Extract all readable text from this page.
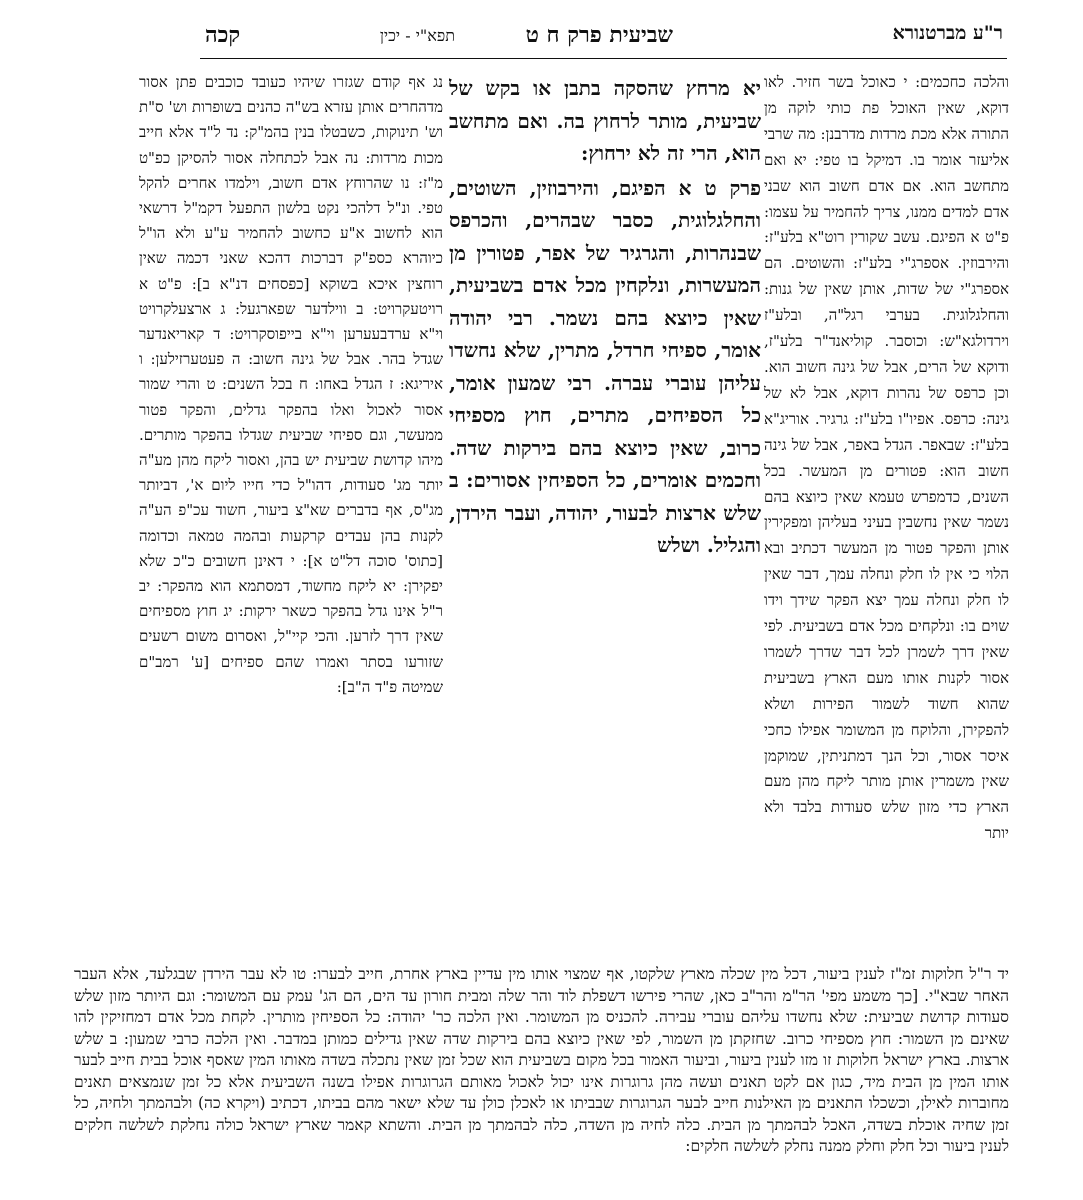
ר"ע מברטנורא
שביעית פרק ח ט
תפא"י - יכין
קכה

והלכה כחכמים: י כאוכל בשר חזיר. לאו דוקא, שאין האוכל פת כותי לוקה מן התורה אלא מכת מרדות מדרבנן: מה שרבי אליעזר אומר בו. דמיקל בו טפי: יא ואם מתחשב הוא. אם אדם חשוב הוא שבני אדם למדים ממנו, צריך להחמיר על עצמו: פ"ט א הפיגם. עשב שקורין רוט"א בלע"ז: והירבוזין. אספרג"י בלע"ז: והשוטים. הם אספרג"י של שדות, אותן שאין של גנות: והחלגלוגית. בערבי רגל"ה, ובלע"ז וירדולגא"ש: וכוסבר. קוליאנד"ר בלע"ז, ודוקא של הרים, אבל של גינה חשוב הוא. וכן כרפס של נהרות דוקא, אבל לא של גינה: כרפס. אפיו"ו בלע"ז: גרגיר. אוריג"א בלע"ז: שבאפר. הגדל באפר, אבל של גינה חשוב הוא: פטורים מן המעשר. בכל השנים, כדמפרש טעמא שאין כיוצא בהם נשמר שאין נחשבין בעיני בעליהן ומפקירין אותן והפקר פטור מן המעשר דכתיב ובא הלוי כי אין לו חלק ונחלה עמך, דבר שאין לו חלק ונחלה עמך יצא הפקר שידך וידו שוים בו: ונלקחים מכל אדם בשביעית. לפי שאין דרך לשמרן לכל דבר שדרך לשמרו אסור לקנות אותו מעם הארץ בשביעית שהוא חשוד לשמור הפירות ושלא להפקירן, והלוקח מן המשומר אפילו כחכי איסר אסור, וכל הנך דמתניתין, שמוקמן שאין משמרין אותן מותר ליקח מהן מעם הארץ כדי מזון שלש סעודות בלבד ולא יותר

יא מרחץ שהסקה בתבן או בקש של שביעית, מותר לרחוץ בה. ואם מתחשב הוא, הרי זה לא ירחוץ:

פרק ט א הפיגם, והירבוזין, השוטים, והחלגלוגית, כסבר שבהרים, והכרפס שבנהרות, והגרגיר של אפר, פטורין מן המעשרות, ונלקחין מכל אדם בשביעית, שאין כיוצא בהם נשמר. רבי יהודה אומר, ספיחי חרדל, מתרין, שלא נחשדו עליהן עוברי עברה. רבי שמעון אומר, כל הספיחים, מתרים, חוץ מספיחי כרוב, שאין כיוצא בהם בירקות שדה. וחכמים אומרים, כל הספיחין אסורים: ב שלש ארצות לבעור, יהודה, ועבר הירדן, והגליל. ושלש

נג אף קודם שגזרו שיהיו כעובד כוכבים פתן אסור מדהחרים אותן עזרא בש"ה כהנים בשופרות וש' ס"ת וש' תינוקות, כשבטלו בנין בהמ"ק: נד ל"ד אלא חייב מכות מרדות: נה אבל לכתחלה אסור להסיקן כפ"ט מ"ז: נו שהרוחץ אדם חשוב, וילמדו אחרים להקל טפי. ונ"ל דלהכי נקט בלשון התפעל דקמ"ל דרשאי הוא לחשוב א"ע כחשוב להחמיר ע"ע ולא הו"ל כיוהרא כספ"ק דברכות דהכא שאני דכמה שאין רוחצין איכא בשוקא [כפסחים דנ"א ב]: פ"ט א רויטעקרויט: ב ווילדער שפארגעל: ג ארצעלקרויט וי"א ערדבעערען וי"א בייפוסקרויט: ד קאריאנדער שגדל בהר. אבל של גינה חשוב: ה פעטערזילען: ו איריגא: ז הגדל באחו: ח בכל השנים: ט והרי שמור אסור לאכול ואלו בהפקר גדלים, והפקר פטור ממעשר, וגם ספיחי שביעית שגדלו בהפקר מותרים. מיהו קדושת שביעית יש בהן, ואסור ליקח מהן מע"ה יותר מג' סעודות, דהו"ל כדי חייו ליום א', דביותר מג"ס, אף בדברים שא"צ ביעור, חשוד עכ"פ הע"ה לקנות בהן עבדים קרקעות ובהמה טמאה וכדומה [כתוס' סוכה דל"ט א]: י דאינן חשובים כ"כ שלא יפקירן: יא ליקח מחשוד, דמסתמא הוא מהפקר: יב ר"ל אינו גדל בהפקר כשאר ירקות: יג חוץ מספיחים שאין דרך לזרען. והכי קיי"ל, ואסרום משום רשעים שזורעו בסתר ואמרו שהם ספיחים [ע' רמב"ם שמיטה פ"ד ה"ב]:

יד ר"ל חלוקות זמ"ז לענין ביעור, דכל מין שכלה מארץ שלקטו, אף שמצוי אותו מין עדיין בארץ אחרת, חייב לבערו: טו לא עבר הירדן שבגלעד, אלא העבר האחר שבא"י. [כך משמע מפי' הר"מ והר"ב כאן, שהרי פירשו דשפלת לוד והר שלה ומבית חורון עד הים, הם הג' עמק עם המשומר: וגם היותר מזון שלש סעודות קדושת שביעית: שלא נחשדו עליהם עוברי עבירה. להכניס מן המשומר. ואין הלכה כר' יהודה: כל הספיחין מותרין. לקחת מכל אדם דמחזיקין להו שאינם מן השמור: חוץ מספיחי כרוב. שחזקתן מן השמור, לפי שאין כיוצא בהם בירקות שדה שאין גדילים כמותן במדבר. ואין הלכה כרבי שמעון: ב שלש ארצות. בארץ ישראל חלוקות זו מזו לענין ביעור, וביעור האמור בכל מקום בשביעית הוא שכל זמן שאין נתכלה בשדה מאותו המין שאסף אוכל בבית חייב לבער אותו המין מן הבית מיד, כגון אם לקט תאנים ועשה מהן גרוגרות אינו יכול לאכול מאותם הגרוגרות אפילו בשנה השביעית אלא כל זמן שנמצאים תאנים מחוברות לאילן, וכשכלו התאנים מן האילנות חייב לבער הגרוגרות שבביתו או לאכלן כולן עד שלא ישאר מהם בביתו, דכתיב (ויקרא כה) ולבהמתך ולחיה, כל זמן שחיה אוכלת בשדה, האכל לבהמתך מן הבית. כלה לחיה מן השדה, כלה לבהמתך מן הבית. והשתא קאמר שארץ ישראל כולה נחלקת לשלשה חלקים לענין ביעור וכל חלק וחלק ממנה נחלק לשלשה חלקים:
